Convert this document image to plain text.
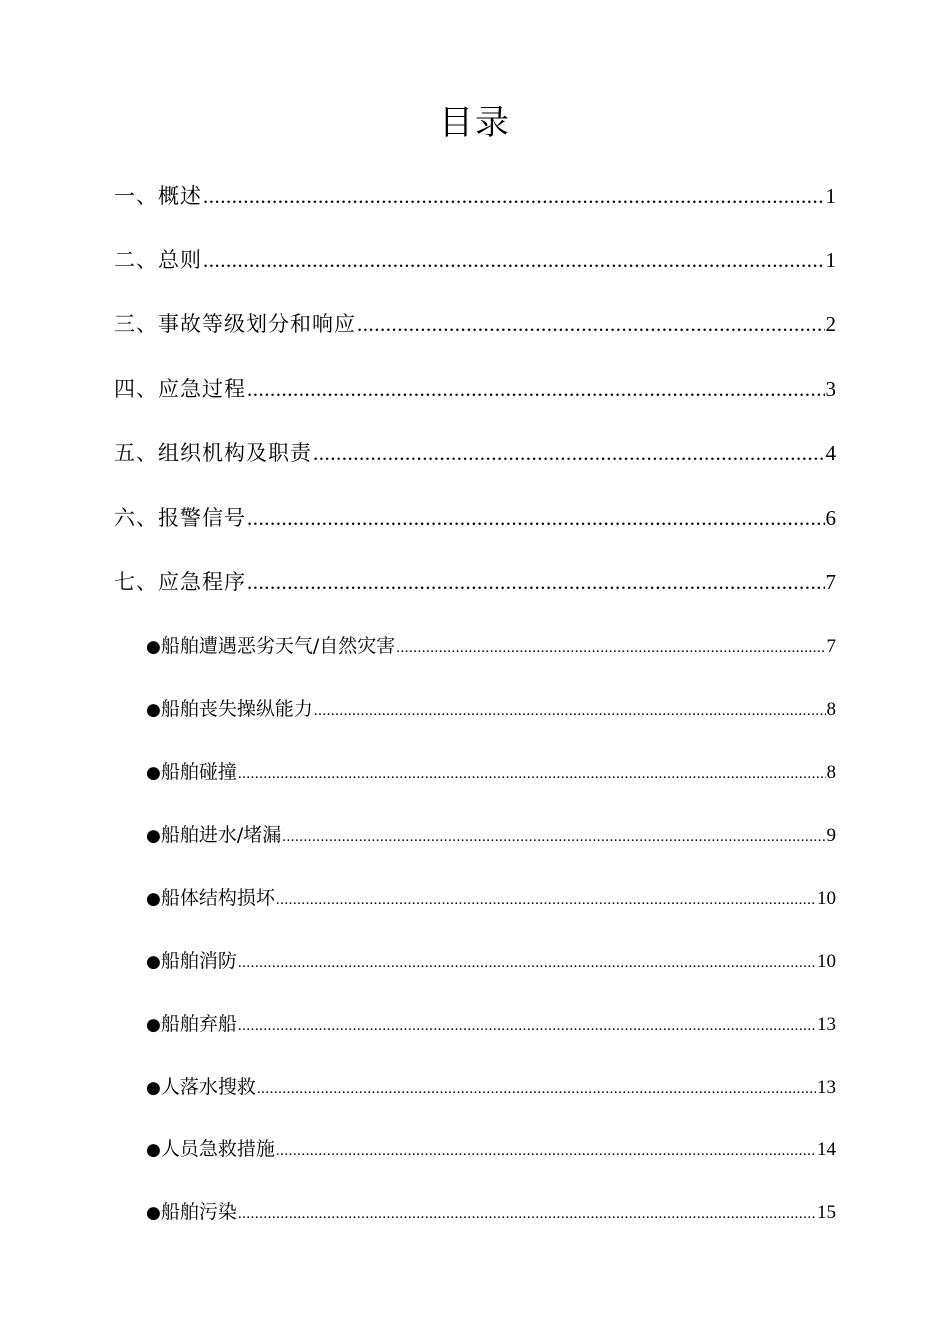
目录
一、概述 .....	1
二、总则 .....	1
三、事故等级划分和响应 .....	2
四、应急过程 .....	3
五、组织机构及职责 .....	4
六、报警信号 .....	6
七、应急程序 .....	7
● 船舶遭遇恶劣天气/自然灾害 .....	7
● 船舶丧失操纵能力 .....	8
● 船舶碰撞 .....	8
● 船舶进水/堵漏 .....	9
● 船体结构损坏 .....	10
● 船舶消防 .....	10
● 船舶弃船 .....	13
● 人落水搜救 .....	13
● 人员急救措施 .....	14
● 船舶污染 .....	15
